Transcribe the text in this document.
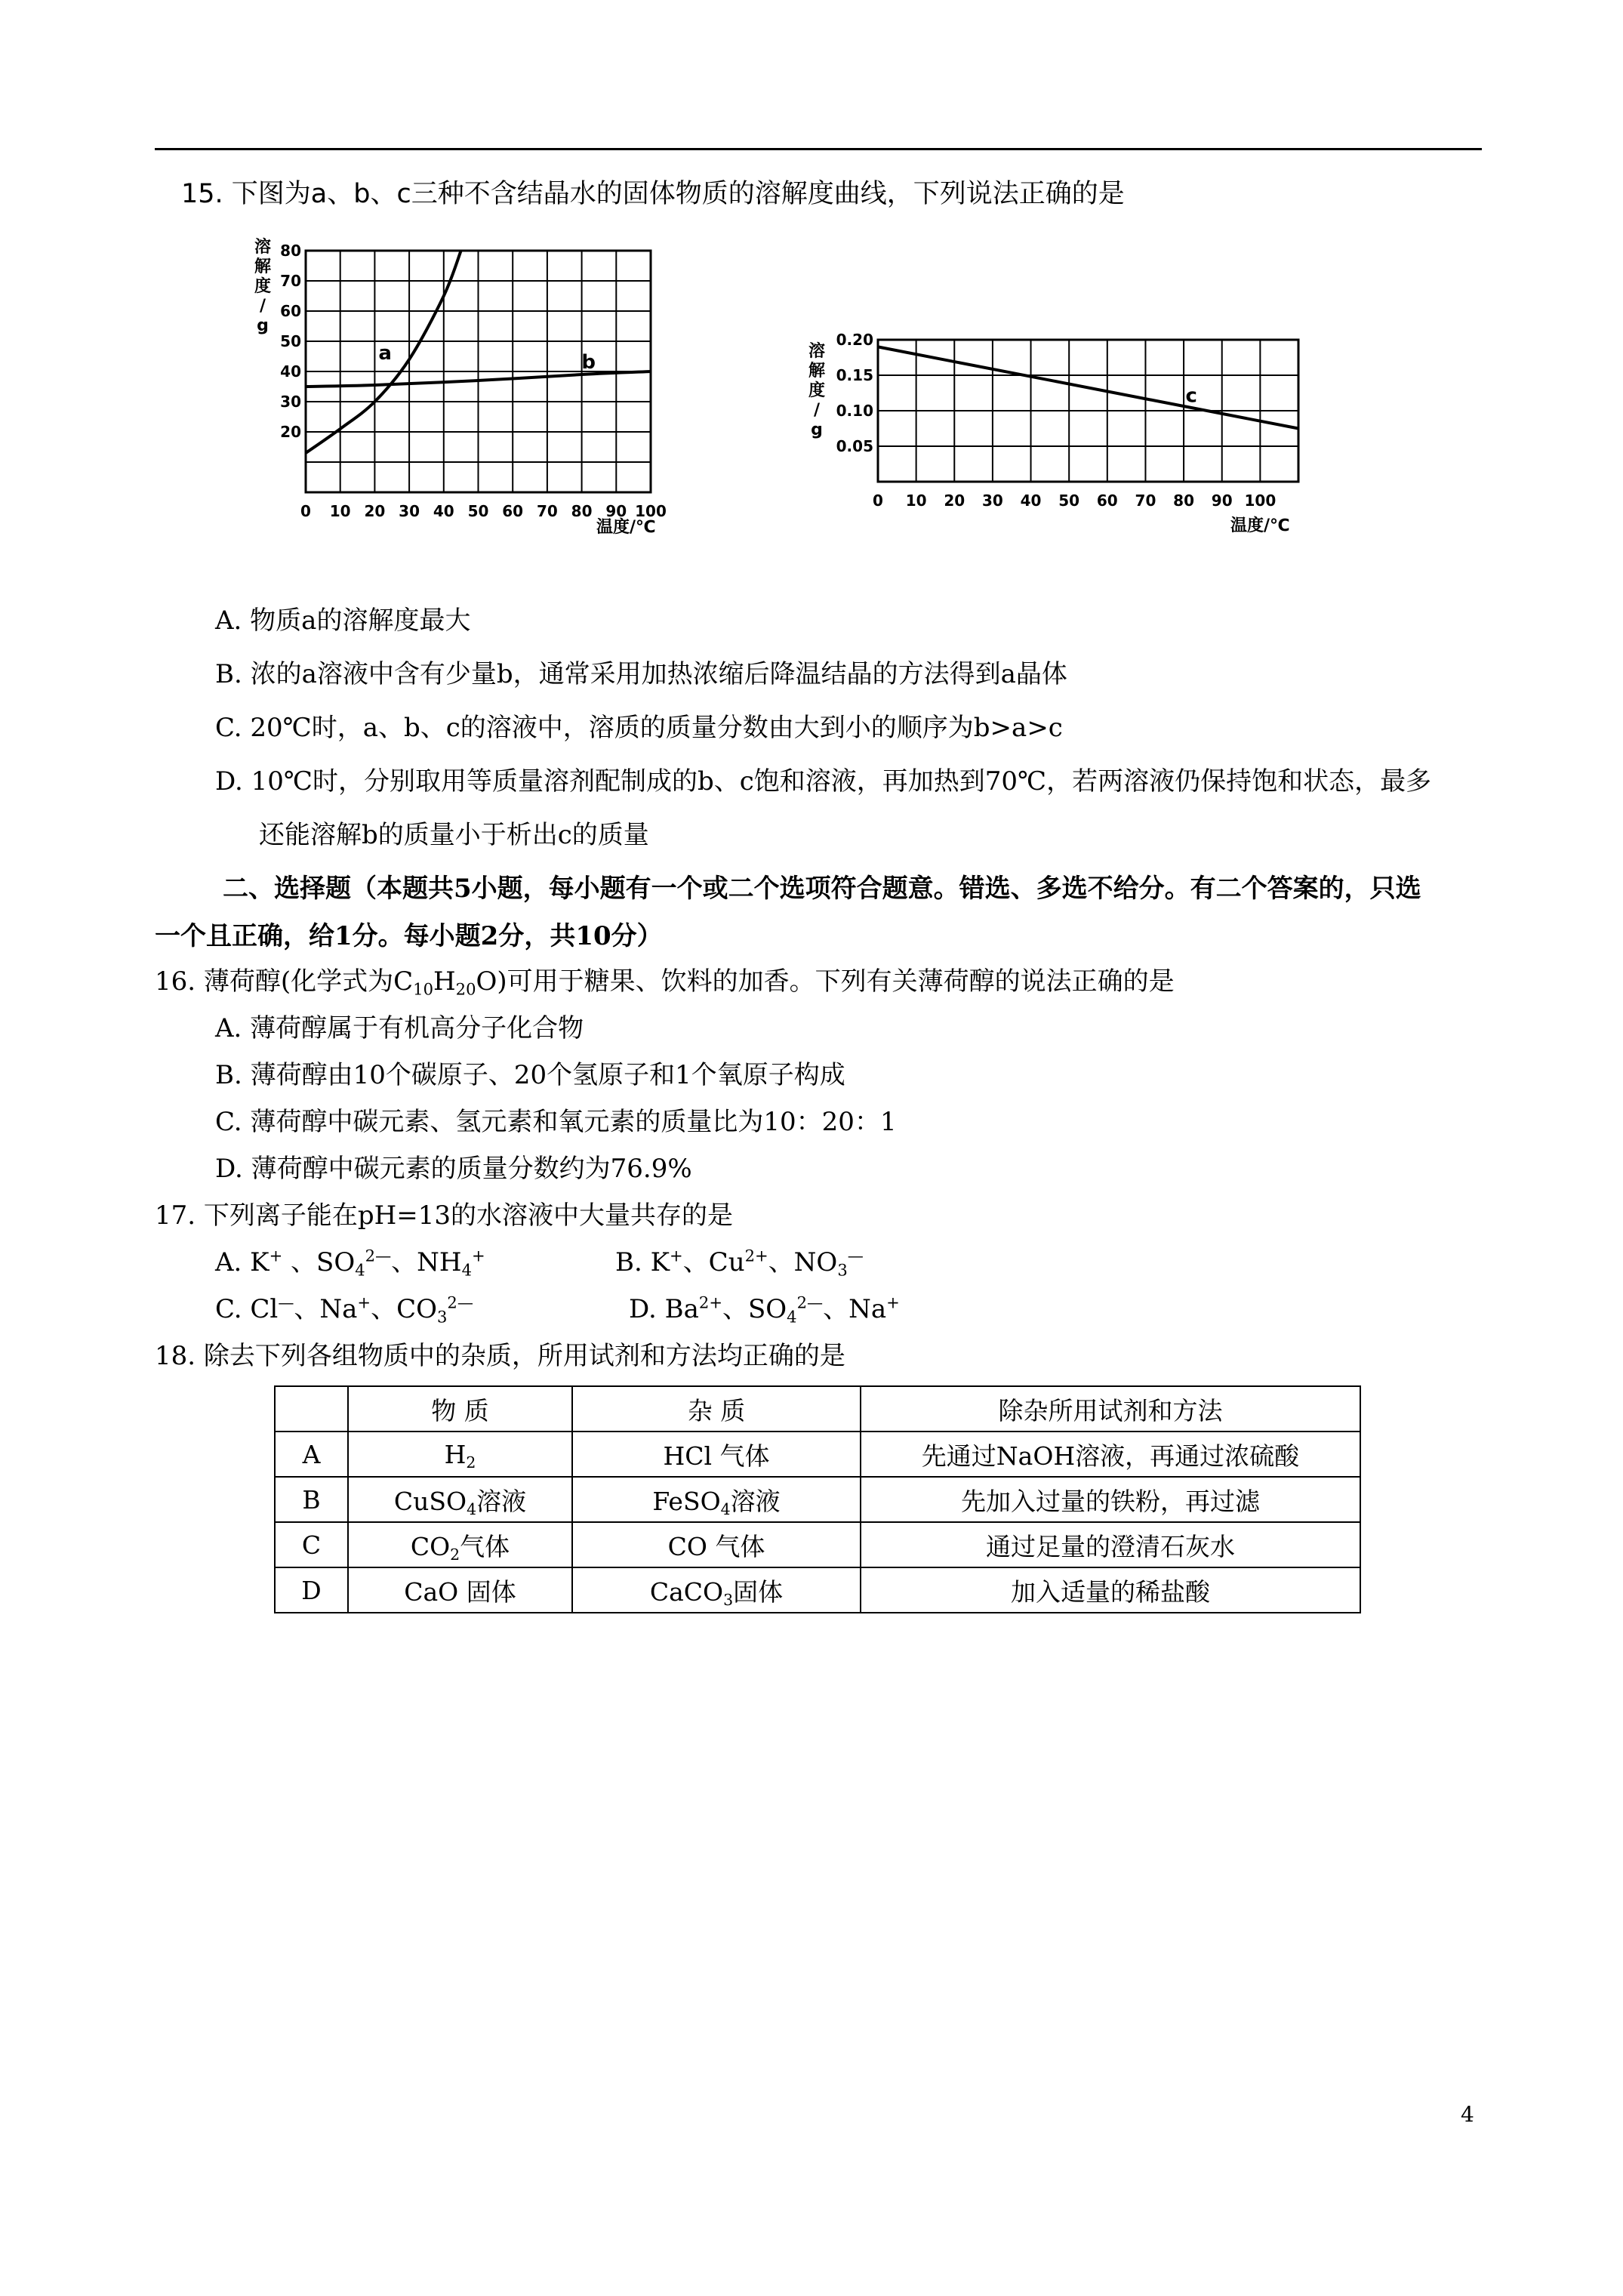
15. 下图为a、b、c三种不含结晶水的固体物质的溶解度曲线，下列说法正确的是
0 10 20 30 40 50 60 70 80 90 100
20
30
40
50
60
70
80
溶
解
度
/
g
温度/℃
a	b
0 10 20 30 40 50 60 70 80 90 100
0.05
0.10
0.15
0.20
溶
解
度
/
g
温度/℃
c
A. 物质a的溶解度最大
B. 浓的a溶液中含有少量b，通常采用加热浓缩后降温结晶的方法得到a晶体
C. 20℃时，a、b、c的溶液中，溶质的质量分数由大到小的顺序为b>a>c
D. 10℃时，分别取用等质量溶剂配制成的b、c饱和溶液，再加热到70℃，若两溶液仍保持饱和状态，最多
还能溶解b的质量小于析出c的质量
二、选择题（本题共5小题，每小题有一个或二个选项符合题意。错选、多选不给分。有二个答案的，只选
一个且正确，给1分。每小题2分，共10分）
16. 薄荷醇(化学式为$C_{10}H_{20}O$)可用于糖果、饮料的加香。下列有关薄荷醇的说法正确的是
A. 薄荷醇属于有机高分子化合物
B. 薄荷醇由10个碳原子、20个氢原子和1个氧原子构成
C. 薄荷醇中碳元素、氢元素和氧元素的质量比为10：20：1
D. 薄荷醇中碳元素的质量分数约为76.9%
17. 下列离子能在pH=13的水溶液中大量共存的是
A. K+ 、$SO_4^{2—}$、$NH_4^+$	B. K+、$Cu^{2+}$、$NO_3^—$
C. Cl—、Na+、$CO_3^{2—}$	D. $Ba^{2+}$、$SO_4^{2—}$、Na+
18. 除去下列各组物质中的杂质，所用试剂和方法均正确的是
	物 质	杂 质	除杂所用试剂和方法
A	$H_2$	HCl 气体	先通过NaOH溶液，再通过浓硫酸
B	CuSO$_4$溶液	FeSO$_4$溶液	先加入过量的铁粉，再过滤
C	$CO_2$气体	CO 气体	通过足量的澄清石灰水
D	CaO 固体	CaCO$_3$固体	加入适量的稀盐酸
4
